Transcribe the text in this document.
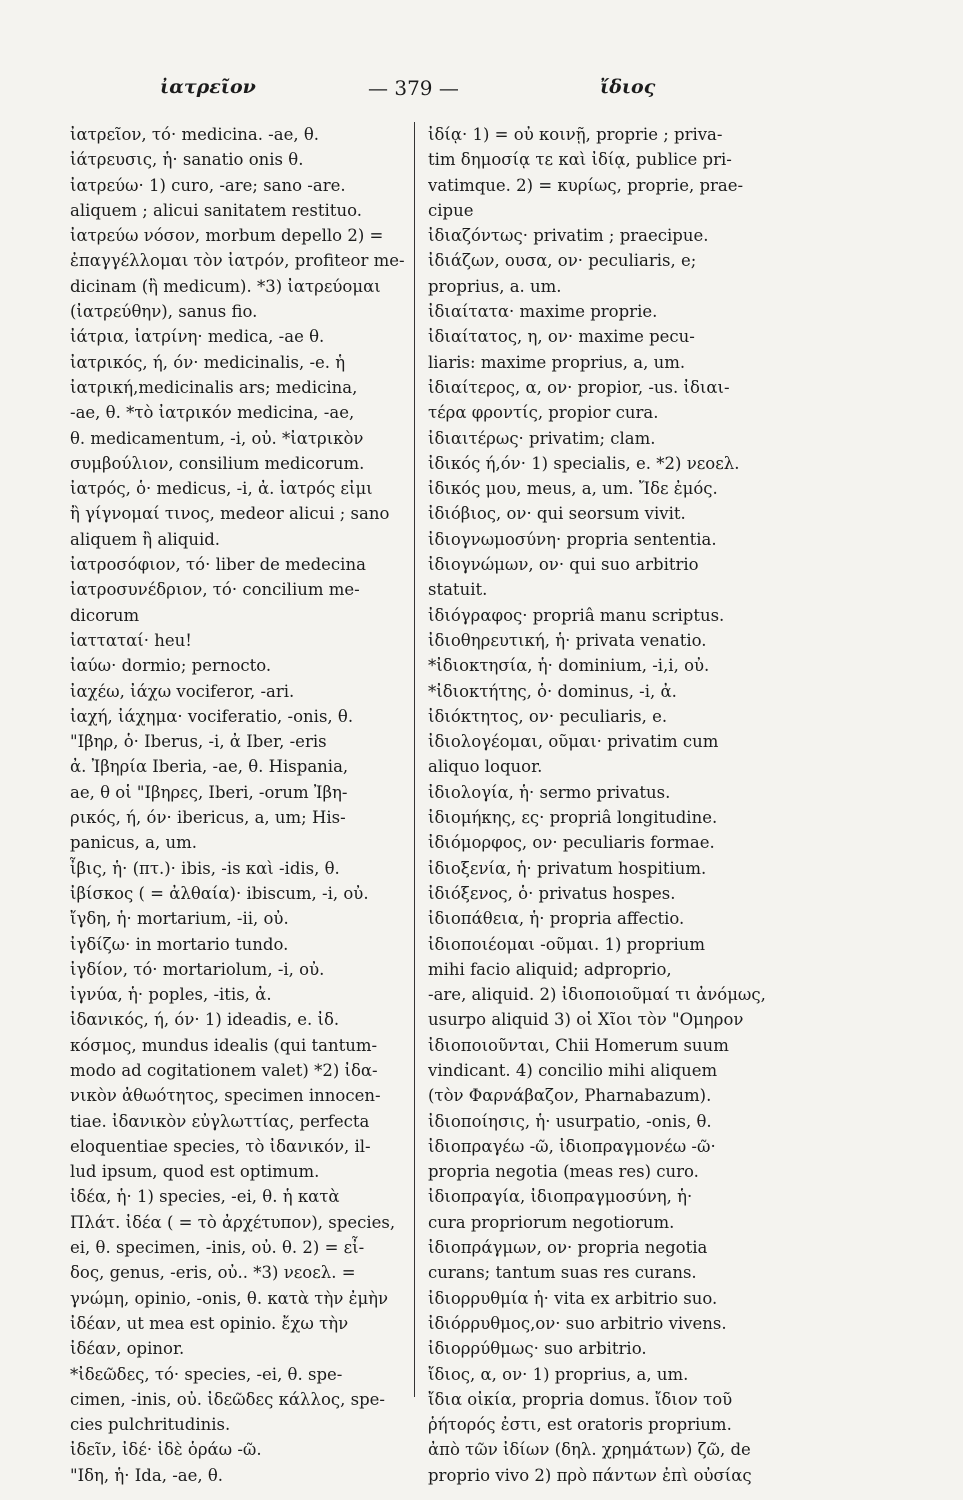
ἰατρεῖον	— 379 —	ἴδιος
ἰατρεῖον, τό· medicina. -ae, θ.
ἰάτρευσις, ἡ· sanatio onis θ.
ἰατρεύω· 1) curo, -are; sano -are.
aliquem ; alicui sanitatem restituo.
ἰατρεύω νόσον, morbum depello 2) =
ἐπαγγέλλομαι τὸν ἰατρόν, profiteor me-
dicinam (ἢ medicum). *3) ἰατρεύομαι
(ἰατρεύθην), sanus fio.
ἰάτρια, ἰατρίνη· medica, -ae θ.
ἰατρικός, ή, όν· medicinalis, -e. ἡ
ἰατρική,medicinalis ars; medicina,
-ae, θ. *τὸ ἰατρικόν medicina, -ae,
θ. medicamentum, -i, οὐ. *ἰατρικὸν
συμβούλιον, consilium medicorum.
ἰατρός, ὁ· medicus, -i, ἀ. ἰατρός εἰμι
ἢ γίγνομαί τινος, medeor alicui ; sano
aliquem ἢ aliquid.
ἰατροσόφιον, τό· liber de medecina
ἰατροσυνέδριον, τό· concilium me-
dicorum
ἰατταταί· heu!
ἰαύω· dormio; pernocto.
ἰαχέω, ἰάχω vociferor, -ari.
ἰαχή, ἰάχημα· vociferatio, -onis, θ.
"Ιβηρ, ὁ· Iberus, -i, ἀ Iber, -eris
ἀ. Ἰβηρία Iberia, -ae, θ. Hispania,
ae, θ οἱ "Ιβηρες, Iberi, -orum Ἰβη-
ρικός, ή, όν· ibericus, a, um; His-
panicus, a, um.
ἶβις, ἡ· (πτ.)· ibis, -is καὶ -idis, θ.
ἰβίσκος ( = ἀλθαία)· ibiscum, -i, οὐ.
ἴγδη, ἡ· mortarium, -ii, οὐ.
ἰγδίζω· in mortario tundo.
ἰγδίον, τό· mortariolum, -i, οὐ.
ἰγνύα, ἡ· poples, -itis, ἀ.
ἰδανικός, ή, όν· 1) ideadis, e. ἰδ.
κόσμος, mundus idealis (qui tantum-
modo ad cogitationem valet) *2) ἰδα-
νικὸν ἀθωότητος, specimen innocen-
tiae. ἰδανικὸν εὐγλωττίας, perfecta
eloquentiae species, τὸ ἰδανικόν, il-
lud ipsum, quod est optimum.
ἰδέα, ἡ· 1) species, -ei, θ. ἡ κατὰ
Πλάτ. ἰδέα ( = τὸ ἀρχέτυπον), species,
ei, θ. specimen, -inis, οὐ. θ. 2) = εἶ-
δος, genus, -eris, οὐ.. *3) νεοελ. =
γνώμη, opinio, -onis, θ. κατὰ τὴν ἐμὴν
ἰδέαν, ut mea est opinio. ἔχω τὴν
ἰδέαν, opinor.
*ἰδεῶδες, τό· species, -ei, θ. spe-
cimen, -inis, οὐ. ἰδεῶδες κάλλος, spe-
cies pulchritudinis.
ἰδεῖν, ἰδέ· ἰδὲ ὁράω -ῶ.
"Ιδη, ἡ· Ida, -ae, θ.
ἰδίᾳ· 1) = οὐ κοινῇ, proprie ; priva-
tim δημοσίᾳ τε καὶ ἰδίᾳ, publice pri-
vatimque. 2) = κυρίως, proprie, prae-
cipue
ἰδιαζόντως· privatim ; praecipue.
ἰδιάζων, ουσα, ον· peculiaris, e;
proprius, a. um.
ἰδιαίτατα· maxime proprie.
ἰδιαίτατος, η, ον· maxime pecu-
liaris: maxime proprius, a, um.
ἰδιαίτερος, α, ον· propior, -us. ἰδιαι-
τέρα φροντίς, propior cura.
ἰδιαιτέρως· privatim; clam.
ἰδικός ή,όν· 1) specialis, e. *2) νεοελ.
ἰδικός μου, meus, a, um. Ἴδε ἐμός.
ἰδιόβιος, ον· qui seorsum vivit.
ἰδιογνωμοσύνη· propria sententia.
ἰδιογνώμων, ον· qui suo arbitrio
statuit.
ἰδιόγραφος· propriâ manu scriptus.
ἰδιοθηρευτική, ἡ· privata venatio.
*ἰδιοκτησία, ἡ· dominium, -i,i, οὐ.
*ἰδιοκτήτης, ὁ· dominus, -i, ἀ.
ἰδιόκτητος, ον· peculiaris, e.
ἰδιολογέομαι, οῦμαι· privatim cum
aliquo loquor.
ἰδιολογία, ἡ· sermo privatus.
ἰδιομήκης, ες· propriâ longitudine.
ἰδιόμορφος, ον· peculiaris formae.
ἰδιοξενία, ἡ· privatum hospitium.
ἰδιόξενος, ὁ· privatus hospes.
ἰδιοπάθεια, ἡ· propria affectio.
ἰδιοποιέομαι -οῦμαι. 1) proprium
mihi facio aliquid; adproprio,
-are, aliquid. 2) ἰδιοποιοῦμαί τι ἀνόμως,
usurpo aliquid 3) οἱ Χῖοι τὸν "Ομηρον
ἰδιοποιοῦνται, Chii Homerum suum
vindicant. 4) concilio mihi aliquem
(τὸν Φαρνάβαζον, Pharnabazum).
ἰδιοποίησις, ἡ· usurpatio, -onis, θ.
ἰδιοπραγέω -ῶ, ἰδιοπραγμονέω -ῶ·
propria negotia (meas res) curo.
ἰδιοπραγία, ἰδιοπραγμοσύνη, ἡ·
cura propriorum negotiorum.
ἰδιοπράγμων, ον· propria negotia
curans; tantum suas res curans.
ἰδιορρυθμία ἡ· vita ex arbitrio suo.
ἰδιόρρυθμος,ον· suo arbitrio vivens.
ἰδιορρύθμως· suo arbitrio.
ἴδιος, α, ον· 1) proprius, a, um.
ἴδια οἰκία, propria domus. ἴδιον τοῦ
ῥήτορός ἐστι, est oratoris proprium.
ἀπὸ τῶν ἰδίων (δηλ. χρημάτων) ζῶ, de
proprio vivo 2) πρὸ πάντων ἐπὶ οὐσίας
